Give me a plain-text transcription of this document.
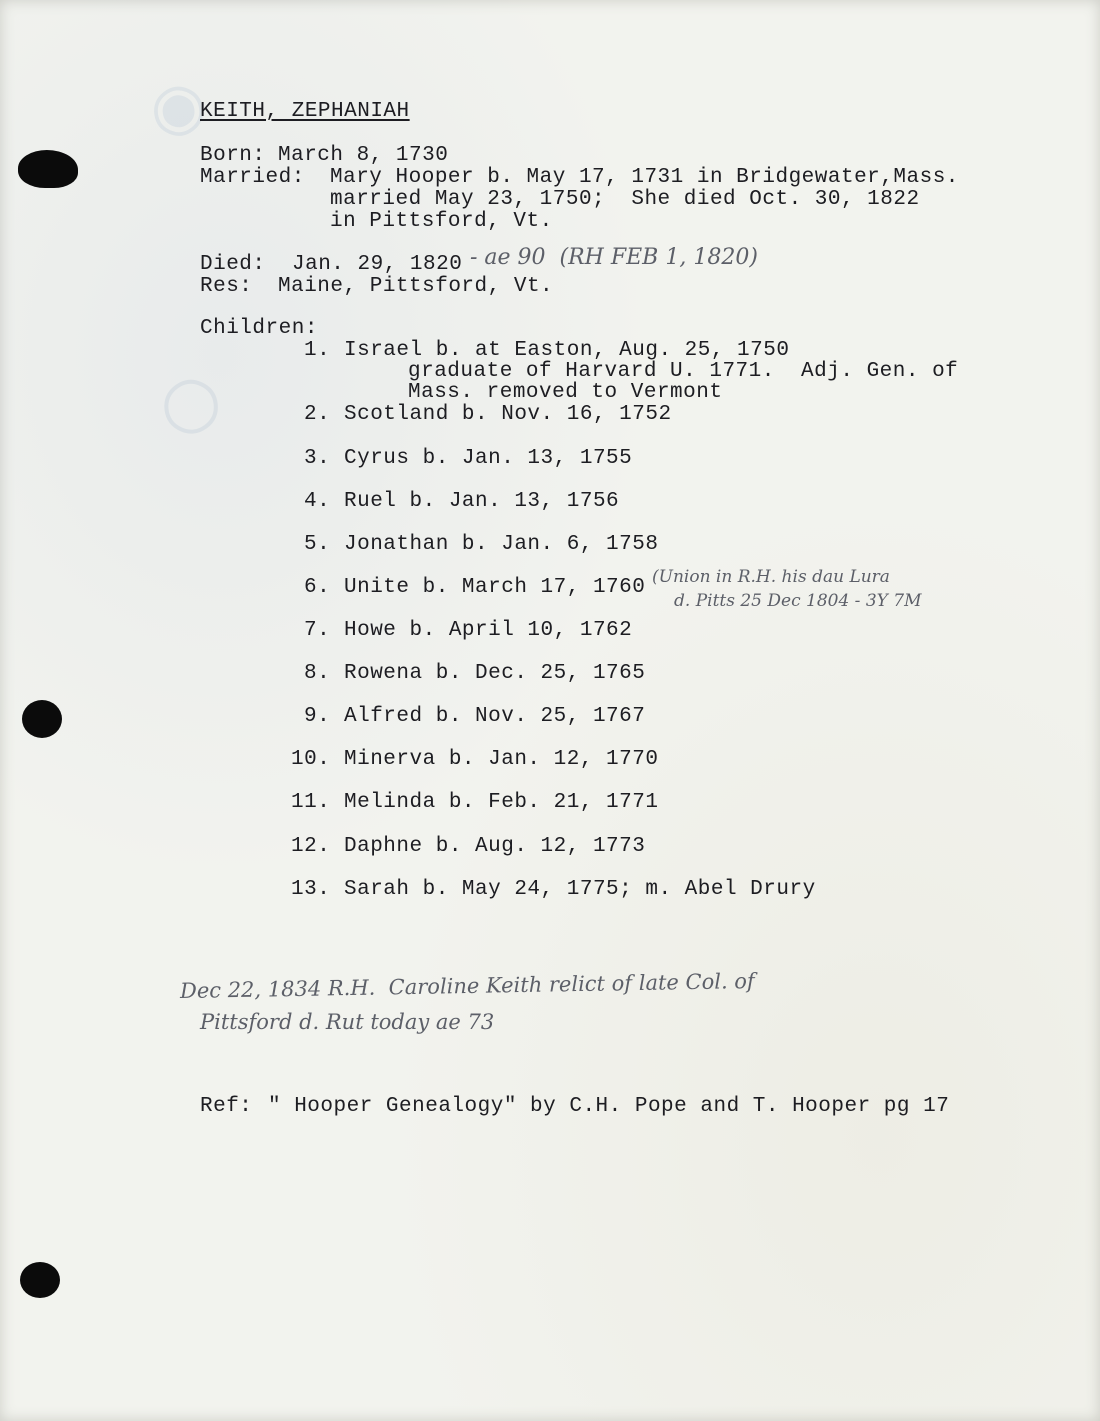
◉
○
KEITH, ZEPHANIAH
Born: March 8, 1730
Married: Mary Hooper b. May 17, 1731 in Bridgewater,Mass.
married May 23, 1750;  She died Oct. 30, 1822
in Pittsford, Vt.
Died: Jan. 29, 1820 - ae 90  (RH FEB 1, 1820)
Res: Maine, Pittsford, Vt.
Children:
1. Israel b. at Easton, Aug. 25, 1750
graduate of Harvard U. 1771.  Adj. Gen. of
Mass. removed to Vermont
2. Scotland b. Nov. 16, 1752
3. Cyrus b. Jan. 13, 1755
4. Ruel b. Jan. 13, 1756
5. Jonathan b. Jan. 6, 1758
6. Unite b. March 17, 1760 (Union in R.H. his dau Lura
d. Pitts 25 Dec 1804 - 3Y 7M
7. Howe b. April 10, 1762
8. Rowena b. Dec. 25, 1765
9. Alfred b. Nov. 25, 1767
10. Minerva b. Jan. 12, 1770
11. Melinda b. Feb. 21, 1771
12. Daphne b. Aug. 12, 1773
13. Sarah b. May 24, 1775; m. Abel Drury
Dec 22, 1834 R.H.  Caroline Keith relict of late Col. of
Pittsford d. Rut today ae 73
Ref: " Hooper Genealogy" by C.H. Pope and T. Hooper pg 17
